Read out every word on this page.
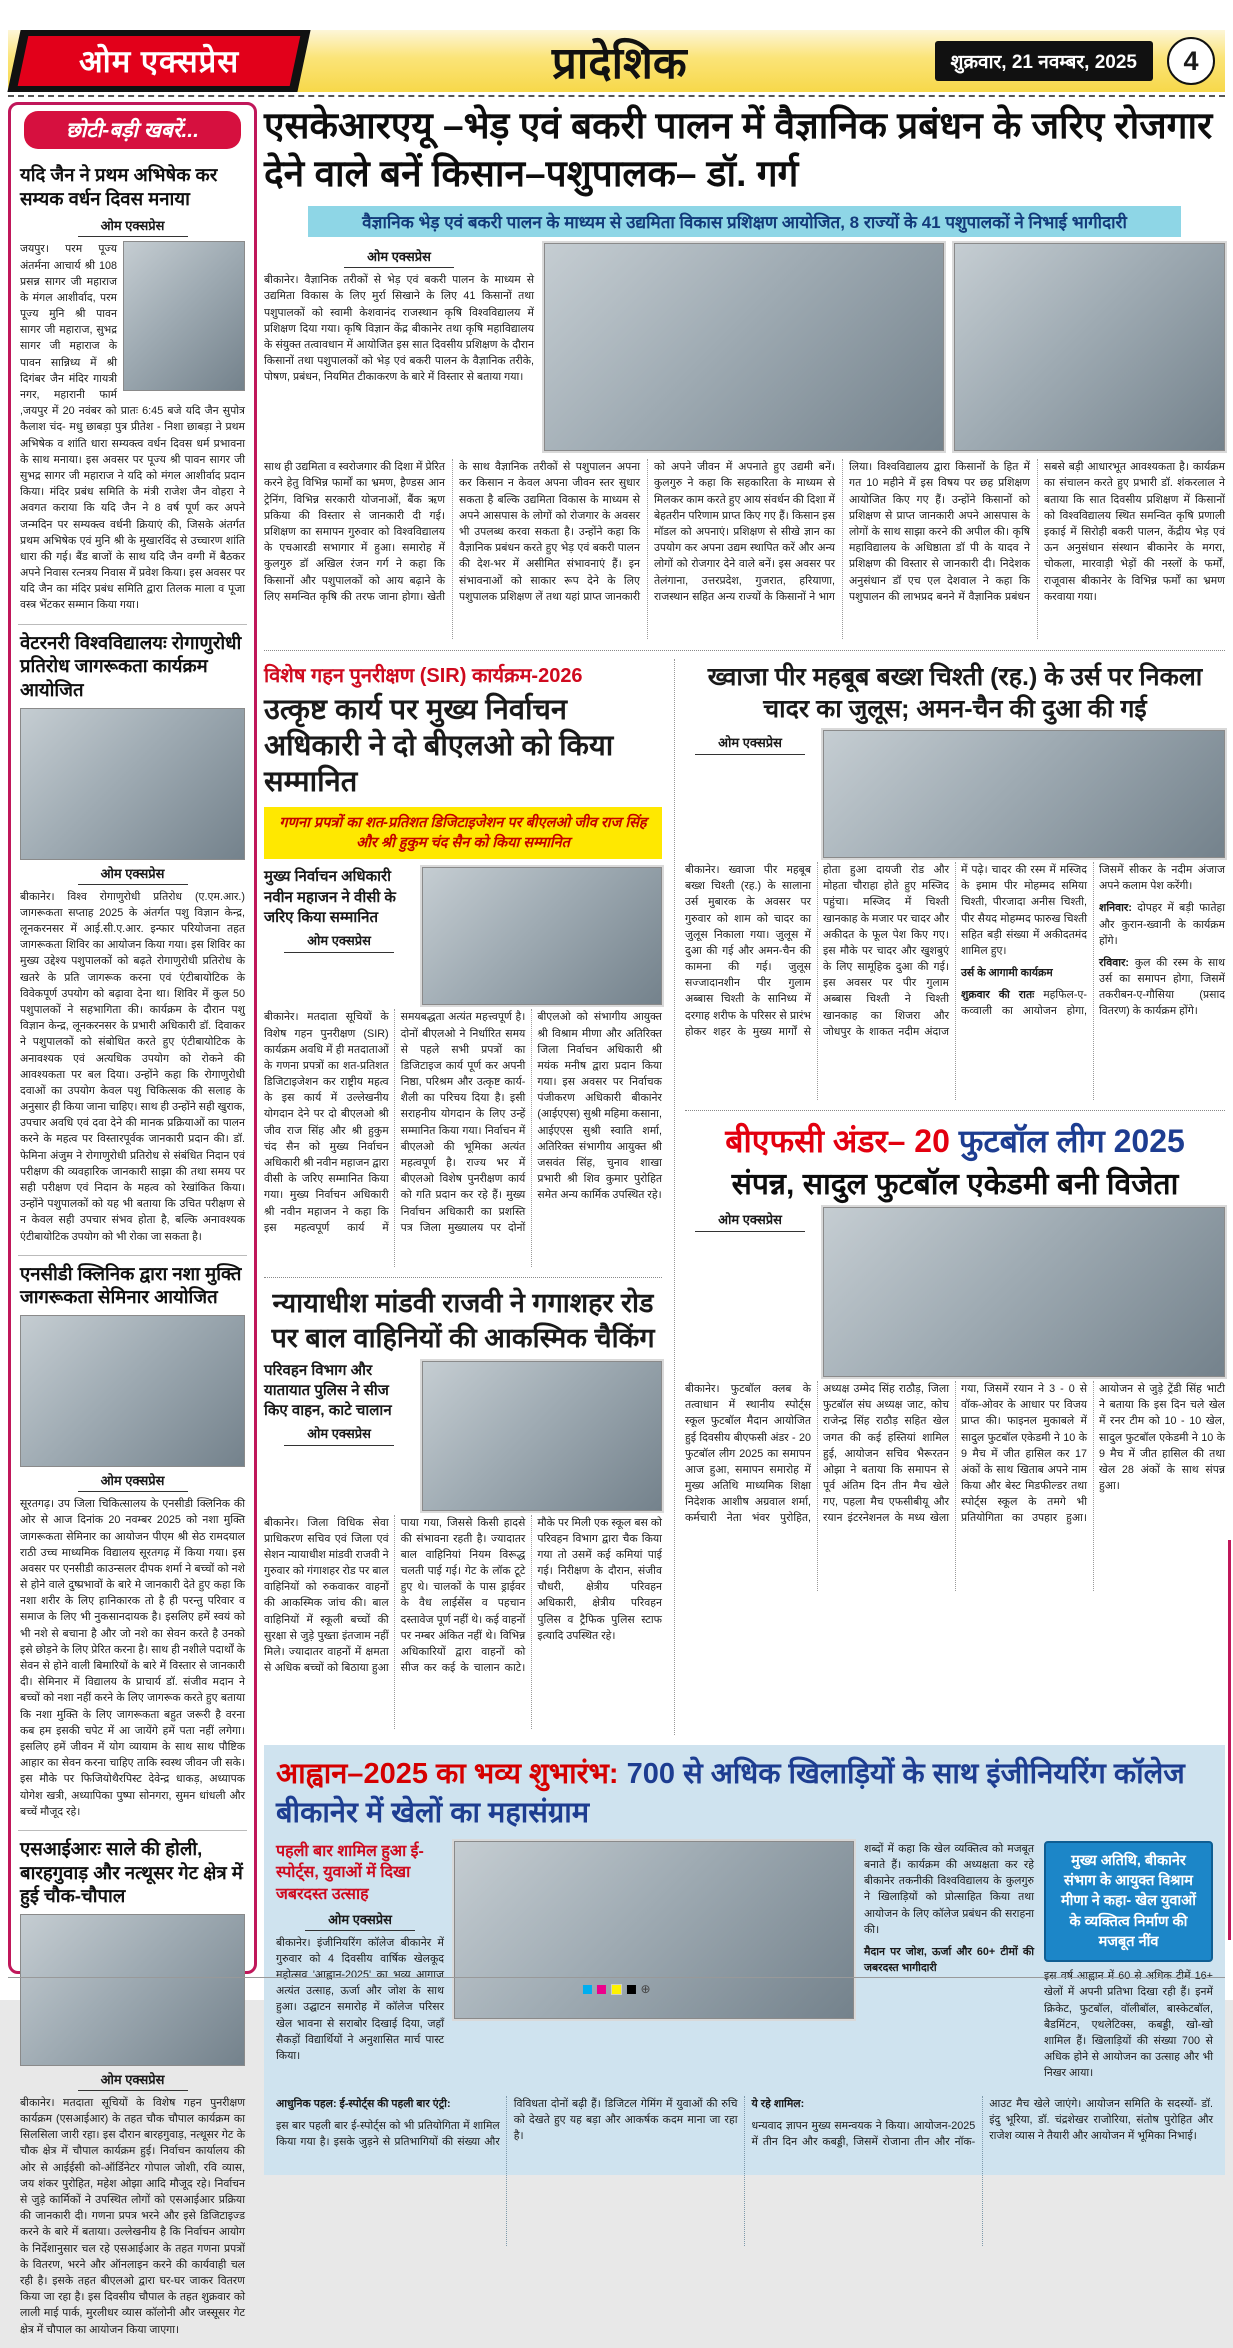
ओम एक्सप्रेस	प्रादेशिक	शुक्रवार, 21 नवम्बर, 2025	4
छोटी-बड़ी खबरें...
यदि जैन ने प्रथम अभिषेक कर सम्यक वर्धन दिवस मनाया
ओम एक्सप्रेस

जयपुर। परम पूज्य अंतर्मना आचार्य श्री 108 प्रसन्न सागर जी महाराज के मंगल आशीर्वाद, परम पूज्य मुनि श्री पावन सागर जी महाराज, सुभद्र सागर जी महाराज के पावन सान्निध्य में श्री दिगंबर जैन मंदिर गायत्री नगर, महारानी फार्म ,जयपुर में 20 नवंबर को प्रातः 6:45 बजे यदि जैन सुपोत्र कैलाश चंद- मधु छाबड़ा पुत्र प्रीतेश - निशा छाबड़ा ने प्रथम अभिषेक व शांति धारा सम्यक्त्व वर्धन दिवस धर्म प्रभावना के साथ मनाया। इस अवसर पर पूज्य श्री पावन सागर जी सुभद्र सागर जी महाराज ने यदि को मंगल आशीर्वाद प्रदान किया। मंदिर प्रबंध समिति के मंत्री राजेश जैन वोहरा ने अवगत कराया कि यदि जैन ने 8 वर्ष पूर्ण कर अपने जन्मदिन पर सम्यक्त्व वर्धनी क्रियाएं की, जिसके अंतर्गत प्रथम अभिषेक एवं मुनि श्री के मुखारविंद से उच्चारण शांति धारा की गई। बैंड बाजों के साथ यदि जैन वग्गी में बैठकर अपने निवास रत्नत्रय निवास में प्रवेश किया। इस अवसर पर यदि जैन का मंदिर प्रबंध समिति द्वारा तिलक माला व पूजा वस्त्र भेंटकर सम्मान किया गया।

वेटरनरी विश्वविद्यालयः रोगाणुरोधी प्रतिरोध जागरूकता कार्यक्रम आयोजित
ओम एक्सप्रेस

बीकानेर। विश्व रोगाणुरोधी प्रतिरोध (ए.एम.आर.) जागरूकता सप्ताह 2025 के अंतर्गत पशु विज्ञान केन्द्र, लूनकरनसर में आई.सी.ए.आर. इन्फार परियोजना तहत जागरूकता शिविर का आयोजन किया गया। इस शिविर का मुख्य उद्देश्य पशुपालकों को बढ़ते रोगाणुरोधी प्रतिरोध के खतरे के प्रति जागरूक करना एवं एंटीबायोटिक के विवेकपूर्ण उपयोग को बढ़ावा देना था। शिविर में कुल 50 पशुपालकों ने सहभागिता की। कार्यक्रम के दौरान पशु विज्ञान केन्द्र, लूनकरनसर के प्रभारी अधिकारी डॉ. दिवाकर ने पशुपालकों को संबोधित करते हुए एंटीबायोटिक के अनावश्यक एवं अत्यधिक उपयोग को रोकने की आवश्यकता पर बल दिया। उन्होंने कहा कि रोगाणुरोधी दवाओं का उपयोग केवल पशु चिकित्सक की सलाह के अनुसार ही किया जाना चाहिए। साथ ही उन्होंने सही खुराक, उपचार अवधि एवं दवा देने की मानक प्रक्रियाओं का पालन करने के महत्व पर विस्तारपूर्वक जानकारी प्रदान की। डॉ. फेमिना अंजुम ने रोगाणुरोधी प्रतिरोध से संबंधित निदान एवं परीक्षण की व्यवहारिक जानकारी साझा की तथा समय पर सही परीक्षण एवं निदान के महत्व को रेखांकित किया। उन्होंने पशुपालकों को यह भी बताया कि उचित परीक्षण से न केवल सही उपचार संभव होता है, बल्कि अनावश्यक एंटीबायोटिक उपयोग को भी रोका जा सकता है।

एनसीडी क्लिनिक द्वारा नशा मुक्ति जागरूकता सेमिनार आयोजित
ओम एक्सप्रेस

सूरतगढ़। उप जिला चिकित्सालय के एनसीडी क्लिनिक की ओर से आज दिनांक 20 नवम्बर 2025 को नशा मुक्ति जागरूकता सेमिनार का आयोजन पीएम श्री सेठ रामदयाल राठी उच्च माध्यमिक विद्यालय सूरतगढ़ में किया गया। इस अवसर पर एनसीडी काउन्सलर दीपक शर्मा ने बच्चों को नशे से होने वाले दुष्प्रभावों के बारे मे जानकारी देते हुए कहा कि नशा शरीर के लिए हानिकारक तो है ही परन्तु परिवार व समाज के लिए भी नुकसानदायक है। इसलिए हमें स्वयं को भी नशे से बचाना है और जो नशे का सेवन करते है उनको इसे छोड़ने के लिए प्रेरित करना है। साथ ही नशीले पदार्थों के सेवन से होने वाली बिमारियों के बारे में विस्तार से जानकारी दी। सेमिनार में विद्यालय के प्राचार्य डॉ. संजीव मदान ने बच्चों को नशा नहीं करने के लिए जागरूक करते हुए बताया कि नशा मुक्ति के लिए जागरूकता बहुत जरूरी है वरना कब हम इसकी चपेट में आ जायेंगे हमें पता नहीं लगेगा। इसलिए हमें जीवन में योग व्यायाम के साथ साथ पौष्टिक आहार का सेवन करना चाहिए ताकि स्वस्थ जीवन जी सके। इस मौके पर फिजियोथैरपिस्ट देवेन्द्र धाकड़, अध्यापक योगेश खत्री, अध्यापिका पुष्पा सोनगरा, सुमन धांधली और बच्चें मौजूद रहे।

एसआईआरः साले की होली, बारहगुवाड़ और नत्थूसर गेट क्षेत्र में हुई चौक-चौपाल
ओम एक्सप्रेस

बीकानेर। मतदाता सूचियों के विशेष गहन पुनरीक्षण कार्यक्रम (एसआईआर) के तहत चौक चौपाल कार्यक्रम का सिलसिला जारी रहा। इस दौरान बारहगुवाड़, नत्थूसर गेट के चौक क्षेत्र में चौपाल कार्यक्रम हुई। निर्वाचन कार्यालय की ओर से आईईसी को-ऑर्डिनेटर गोपाल जोशी, रवि व्यास, जय शंकर पुरोहित, महेश ओझा आदि मौजूद रहे। निर्वाचन से जुड़े कार्मिकों ने उपस्थित लोगों को एसआईआर प्रक्रिया की जानकारी दी। गणना प्रपत्र भरने और इसे डिजिटाइज्ड करने के बारे में बताया। उल्लेखनीय है कि निर्वाचन आयोग के निर्देशानुसार चल रहे एसआईआर के तहत गणना प्रपत्रों के वितरण, भरने और ऑनलाइन करने की कार्यवाही चल रही है। इसके तहत बीएलओ द्वारा घर-घर जाकर वितरण किया जा रहा है। इस दिवसीय चौपाल के तहत शुक्रवार को लाली माई पार्क, मुरलीधर व्यास कॉलोनी और जस्सूसर गेट क्षेत्र में चौपाल का आयोजन किया जाएगा।

एसकेआरएयू –भेड़ एवं बकरी पालन में वैज्ञानिक प्रबंधन के जरिए रोजगार देने वाले बनें किसान–पशुपालक– डॉ. गर्ग
वैज्ञानिक भेड़ एवं बकरी पालन के माध्यम से उद्यमिता विकास प्रशिक्षण आयोजित, 8 राज्यों के 41 पशुपालकों ने निभाई भागीदारी
ओम एक्सप्रेस

बीकानेर। वैज्ञानिक तरीकों से भेड़ एवं बकरी पालन के माध्यम से उद्यमिता विकास के लिए मुर्रा सिखाने के लिए 41 किसानों तथा पशुपालकों को स्वामी केशवानंद राजस्थान कृषि विश्वविद्यालय में प्रशिक्षण दिया गया। कृषि विज्ञान केंद्र बीकानेर तथा कृषि महाविद्यालय के संयुक्त तत्वावधान में आयोजित इस सात दिवसीय प्रशिक्षण के दौरान किसानों तथा पशुपालकों को भेड़ एवं बकरी पालन के वैज्ञानिक तरीके, पोषण, प्रबंधन, नियमित टीकाकरण के बारे में विस्तार से बताया गया।

साथ ही उद्यमिता व स्वरोजगार की दिशा में प्रेरित करने हेतु विभिन्न फार्मों का भ्रमण, हैण्डस आन ट्रेनिंग, विभिन्न सरकारी योजनाओं, बैंक ऋण प्रकिया की विस्तार से जानकारी दी गई। प्रशिक्षण का समापन गुरुवार को विश्वविद्यालय के एचआरडी सभागार में हुआ। समारोह में कुलगुरु डॉ अखिल रंजन गर्ग ने कहा कि किसानों और पशुपालकों को आय बढ़ाने के लिए समन्वित कृषि की तरफ जाना होगा। खेती के साथ वैज्ञानिक तरीकों से पशुपालन अपना कर किसान न केवल अपना जीवन स्तर सुधार सकता है बल्कि उद्यमिता विकास के माध्यम से अपने आसपास के लोगों को रोजगार के अवसर भी उपलब्ध करवा सकता है। उन्होंने कहा कि वैज्ञानिक प्रबंधन करते हुए भेड़ एवं बकरी पालन की देश-भर में असीमित संभावनाएं हैं। इन संभावनाओं को साकार रूप देने के लिए पशुपालक प्रशिक्षण लें तथा यहां प्राप्त जानकारी को अपने जीवन में अपनाते हुए उद्यमी बनें। कुलगुरु ने कहा कि सहकारिता के माध्यम से मिलकर काम करते हुए आय संवर्धन की दिशा में बेहतरीन परिणाम प्राप्त किए गए हैं। किसान इस मॉडल को अपनाएं। प्रशिक्षण से सीखे ज्ञान का उपयोग कर अपना उद्यम स्थापित करें और अन्य लोगों को रोजगार देने वाले बनें। इस अवसर पर तेलंगाना, उत्तरप्रदेश, गुजरात, हरियाणा, राजस्थान सहित अन्य राज्यों के किसानों ने भाग लिया। विश्वविद्यालय द्वारा किसानों के हित में गत 10 महीने में इस विषय पर छह प्रशिक्षण आयोजित किए गए हैं। उन्होंने किसानों को प्रशिक्षण से प्राप्त जानकारी अपने आसपास के लोगों के साथ साझा करने की अपील की। कृषि महाविद्यालय के अधिष्ठाता डॉ पी के यादव ने प्रशिक्षण की विस्तार से जानकारी दी। निदेशक अनुसंधान डॉ एच एल देशवाल ने कहा कि पशुपालन की लाभप्रद बनने में वैज्ञानिक प्रबंधन सबसे बड़ी आधारभूत आवश्यकता है। कार्यक्रम का संचालन करते हुए प्रभारी डॉ. शंकरलाल ने बताया कि सात दिवसीय प्रशिक्षण में किसानों को विश्वविद्यालय स्थित समन्वित कृषि प्रणाली इकाई में सिरोही बकरी पालन, केंद्रीय भेड़ एवं ऊन अनुसंधान संस्थान बीकानेर के मगरा, चोकला, मारवाड़ी भेड़ों की नस्लों के फर्मों, राजूवास बीकानेर के विभिन्न फर्मों का भ्रमण करवाया गया।

विशेष गहन पुनरीक्षण (SIR) कार्यक्रम-2026
उत्कृष्ट कार्य पर मुख्य निर्वाचन अधिकारी ने दो बीएलओ को किया सम्मानित
गणना प्रपत्रों का शत-प्रतिशत डिजिटाइजेशन पर बीएलओ जीव राज सिंह और श्री हुकुम चंद सैन को किया सम्मानित
मुख्य निर्वाचन अधिकारी नवीन महाजन ने वीसी के जरिए किया सम्मानित
ओम एक्सप्रेस

बीकानेर। मतदाता सूचियों के विशेष गहन पुनरीक्षण (SIR) कार्यक्रम अवधि में ही मतदाताओं के गणना प्रपत्रों का शत-प्रतिशत डिजिटाइजेशन कर राष्ट्रीय महत्व के इस कार्य में उल्लेखनीय योगदान देने पर दो बीएलओ श्री जीव राज सिंह और श्री हुकुम चंद सैन को मुख्य निर्वाचन अधिकारी श्री नवीन महाजन द्वारा वीसी के जरिए सम्मानित किया गया। मुख्य निर्वाचन अधिकारी श्री नवीन महाजन ने कहा कि इस महत्वपूर्ण कार्य में समयबद्धता अत्यंत महत्त्वपूर्ण है। दोनों बीएलओ ने निर्धारित समय से पहले सभी प्रपत्रों का डिजिटाइज कार्य पूर्ण कर अपनी निष्ठा, परिश्रम और उत्कृष्ट कार्य-शैली का परिचय दिया है। इसी सराहनीय योगदान के लिए उन्हें सम्मानित किया गया। निर्वाचन में बीएलओ की भूमिका अत्यंत महत्वपूर्ण है। राज्य भर में बीएलओ विशेष पुनरीक्षण कार्य को गति प्रदान कर रहे हैं। मुख्य निर्वाचन अधिकारी का प्रशस्ति पत्र जिला मुख्यालय पर दोनों बीएलओ को संभागीय आयुक्त श्री विश्राम मीणा और अतिरिक्त जिला निर्वाचन अधिकारी श्री मयंक मनीष द्वारा प्रदान किया गया। इस अवसर पर निर्वाचक पंजीकरण अधिकारी बीकानेर (आईएएस) सुश्री महिमा कसाना, आईएएस सुश्री स्वाति शर्मा, अतिरिक्त संभागीय आयुक्त श्री जसवंत सिंह, चुनाव शाखा प्रभारी श्री शिव कुमार पुरोहित समेत अन्य कार्मिक उपस्थित रहे।

न्यायाधीश मांडवी राजवी ने गगाशहर रोड पर बाल वाहिनियों की आकस्मिक चैकिंग
परिवहन विभाग और यातायात पुलिस ने सीज किए वाहन, काटे चालान
ओम एक्सप्रेस

बीकानेर। जिला विधिक सेवा प्राधिकरण सचिव एवं जिला एवं सेशन न्यायाधीश मांडवी राजवी ने गुरुवार को गंगाशहर रोड पर बाल वाहिनियों को रुकवाकर वाहनों की आकस्मिक जांच की। बाल वाहिनियों में स्कूली बच्चों की सुरक्षा से जुड़े पुख्ता इंतजाम नहीं मिले। ज्यादातर वाहनों में क्षमता से अधिक बच्चों को बिठाया हुआ पाया गया, जिससे किसी हादसे की संभावना रहती है। ज्यादातर बाल वाहिनियां नियम विरूद्ध चलती पाई गई। गेट के लॉक टूटे हुए थे। चालकों के पास ड्राईवर के वैध लाईसेंस व पहचान दस्तावेज पूर्ण नहीं थे। कई वाहनों पर नम्बर अंकित नहीं थे। विभिन्न अधिकारियों द्वारा वाहनों को सीज कर कई के चालान काटे। मौके पर मिली एक स्कूल बस को परिवहन विभाग द्वारा चैक किया गया तो उसमें कई कमियां पाई गई। निरीक्षण के दौरान, संजीव चौधरी, क्षेत्रीय परिवहन अधिकारी, क्षेत्रीय परिवहन पुलिस व ट्रैफिक पुलिस स्टाफ इत्यादि उपस्थित रहे।

ख्वाजा पीर महबूब बख्श चिश्ती (रह.) के उर्स पर निकला चादर का जुलूस; अमन-चैन की दुआ की गई
ओम एक्सप्रेस

बीकानेर। ख्वाजा पीर महबूब बख्श चिश्ती (रह.) के सालाना उर्स मुबारक के अवसर पर गुरुवार को शाम को चादर का जुलूस निकाला गया। जुलूस में दुआ की गई और अमन-चैन की कामना की गई। जुलूस सज्जादानशीन पीर गुलाम अब्बास चिश्ती के सानिध्य में दरगाह शरीफ के परिसर से प्रारंभ होकर शहर के मुख्य मार्गों से होता हुआ दायजी रोड और मोहता चौराहा होते हुए मस्जिद पहुंचा। मस्जिद में चिश्ती खानकाह के मजार पर चादर और अकीदत के फूल पेश किए गए। इस मौके पर चादर और खुशबुएं के लिए सामूहिक दुआ की गई। इस अवसर पर पीर गुलाम अब्बास चिश्ती ने चिश्ती खानकाह का शिजरा और जोधपुर के शाकत नदीम अंदाज में पढ़े। चादर की रस्म में मस्जिद के इमाम पीर मोहम्मद समिया चिश्ती, पीरजादा अनीस चिश्ती, पीर सैयद मोहम्मद फारुख चिश्ती सहित बड़ी संख्या में अकीदतमंद शामिल हुए।

उर्स के आगामी कार्यक्रम

शुक्रवार की रातः महफिल-ए-कव्वाली का आयोजन होगा, जिसमें सीकर के नदीम अंजाज अपने कलाम पेश करेंगी।

शनिवार: दोपहर में बड़ी फातेहा और कुरान-ख्वानी के कार्यक्रम होंगे।

रविवार: कुल की रस्म के साथ उर्स का समापन होगा, जिसमें तकरीबन-ए-गौसिया (प्रसाद वितरण) के कार्यक्रम होंगे।

बीएफसी अंडर– 20 फुटबॉल लीग 2025
संपन्न, सादुल फुटबॉल एकेडमी बनी विजेता
ओम एक्सप्रेस

बीकानेर। फुटबॉल क्लब के तत्वाधान में स्थानीय स्पोर्ट्स स्कूल फुटबॉल मैदान आयोजित हुई दिवसीय बीएफसी अंडर - 20 फुटबॉल लीग 2025 का समापन आज हुआ, समापन समारोह में मुख्य अतिथि माध्यमिक शिक्षा निदेशक आशीष अग्रवाल शर्मा, कर्मचारी नेता भंवर पुरोहित, अध्यक्ष उम्मेद सिंह राठौड़, जिला फुटबॉल संघ अध्यक्ष जाट, कोच राजेन्द्र सिंह राठौड़ सहित खेल जगत की कई हस्तियां शामिल हुई, आयोजन सचिव भैरूरतन ओझा ने बताया कि समापन से पूर्व अंतिम दिन तीन मैच खेले गए, पहला मैच एफसीबीयू और रयान इंटरनेशनल के मध्य खेला गया, जिसमें रयान ने 3 - 0 से वॉक-ओवर के आधार पर विजय प्राप्त की। फाइनल मुकाबले में सादुल फुटबॉल एकेडमी ने 10 के 9 मैच में जीत हासिल कर 17 अंकों के साथ खिताब अपने नाम किया और बेस्ट मिडफील्डर तथा स्पोर्ट्स स्कूल के तमगे भी प्रतियोगिता का उपहार हुआ। आयोजन से जुड़े ट्रेंडी सिंह भाटी ने बताया कि इस दिन चले खेल में रनर टीम को 10 - 10 खेल, सादुल फुटबॉल एकेडमी ने 10 के 9 मैच में जीत हासिल की तथा खेल 28 अंकों के साथ संपन्न हुआ।

आह्वान–2025 का भव्य शुभारंभ: 700 से अधिक खिलाड़ियों के साथ इंजीनियरिंग कॉलेज बीकानेर में खेलों का महासंग्राम
पहली बार शामिल हुआ ई-स्पोर्ट्स, युवाओं में दिखा जबरदस्त उत्साह
ओम एक्सप्रेस

बीकानेर। इंजीनियरिंग कॉलेज बीकानेर में गुरुवार को 4 दिवसीय वार्षिक खेलकूद महोत्सव 'आह्वान-2025' का भव्य आगाज अत्यंत उत्साह, ऊर्जा और जोश के साथ हुआ। उद्घाटन समारोह में कॉलेज परिसर खेल भावना से सराबोर दिखाई दिया, जहाँ सैकड़ों विद्यार्थियों ने अनुशासित मार्च पास्ट किया।

शब्दों में कहा कि खेल व्यक्तित्व को मजबूत बनाते हैं। कार्यक्रम की अध्यक्षता कर रहे बीकानेर तकनीकी विश्वविद्यालय के कुलगुरु ने खिलाड़ियों को प्रोत्साहित किया तथा आयोजन के लिए कॉलेज प्रबंधन की सराहना की।

मैदान पर जोश, ऊर्जा और 60+ टीमों की जबरदस्त भागीदारी

मुख्य अतिथि, बीकानेर संभाग के आयुक्त विश्राम मीणा ने कहा- खेल युवाओं के व्यक्तित्व निर्माण की मजबूत नींव

इस वर्ष आह्वान में 60 से अधिक टीमें 16+ खेलों में अपनी प्रतिभा दिखा रही हैं। इनमें क्रिकेट, फुटबॉल, वॉलीबॉल, बास्केटबॉल, बैडमिंटन, एथलेटिक्स, कबड्डी, खो-खो शामिल हैं। खिलाड़ियों की संख्या 700 से अधिक होने से आयोजन का उत्साह और भी निखर आया।

आधुनिक पहल: ई-स्पोर्ट्स की पहली बार एंट्री:

इस बार पहली बार ई-स्पोर्ट्स को भी प्रतियोगिता में शामिल किया गया है। इसके जुड़ने से प्रतिभागियों की संख्या और विविधता दोनों बढ़ी हैं। डिजिटल गेमिंग में युवाओं की रुचि को देखते हुए यह बड़ा और आकर्षक कदम माना जा रहा है।

ये रहे शामिल:

धन्यवाद ज्ञापन मुख्य समन्वयक ने किया। आयोजन-2025 में तीन दिन और कबड्डी, जिसमें रोजाना तीन और नॉक-आउट मैच खेले जाएंगे। आयोजन समिति के सदस्यों- डॉ. इंदु भूरिया, डॉ. चंद्रशेखर राजोरिया, संतोष पुरोहित और राजेश व्यास ने तैयारी और आयोजन में भूमिका निभाई।

⊕
